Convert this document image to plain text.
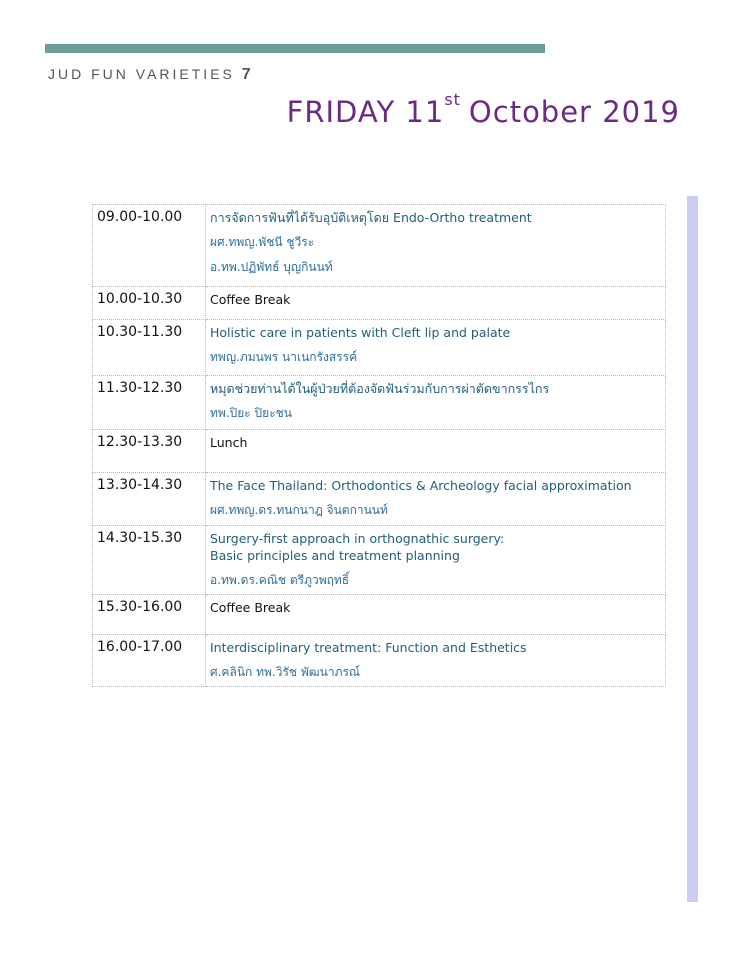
JUD FUN VARIETIES 7
FRIDAY 11st October 2019
09.00-10.00	การจัดการฟันที่ได้รับอุบัติเหตุโดย Endo-Ortho treatment
ผศ.ทพญ.พัชนี ชูวีระ
อ.ทพ.ปฏิพัทธ์ บุญกินนท์

10.00-10.30	Coffee Break

10.30-11.30	Holistic care in patients with Cleft lip and palate
ทพญ.ภมนพร นาเนกรังสรรค์

11.30-12.30	หมุดช่วยท่านได้ในผู้ป่วยที่ต้องจัดฟันร่วมกับการผ่าตัดขากรรไกร
ทพ.ปิยะ ปิยะชน

12.30-13.30	Lunch

13.30-14.30	The Face Thailand: Orthodontics & Archeology facial approximation
ผศ.ทพญ.ดร.ทนกนาฎ จินตกานนท์

14.30-15.30	Surgery-first approach in orthognathic surgery:
Basic principles and treatment planning
อ.ทพ.ดร.คณิช ตรีภูวพฤทธิ์

15.30-16.00	Coffee Break

16.00-17.00	Interdisciplinary treatment: Function and Esthetics
ศ.คลินิก ทพ.วิรัช พัฒนาภรณ์
